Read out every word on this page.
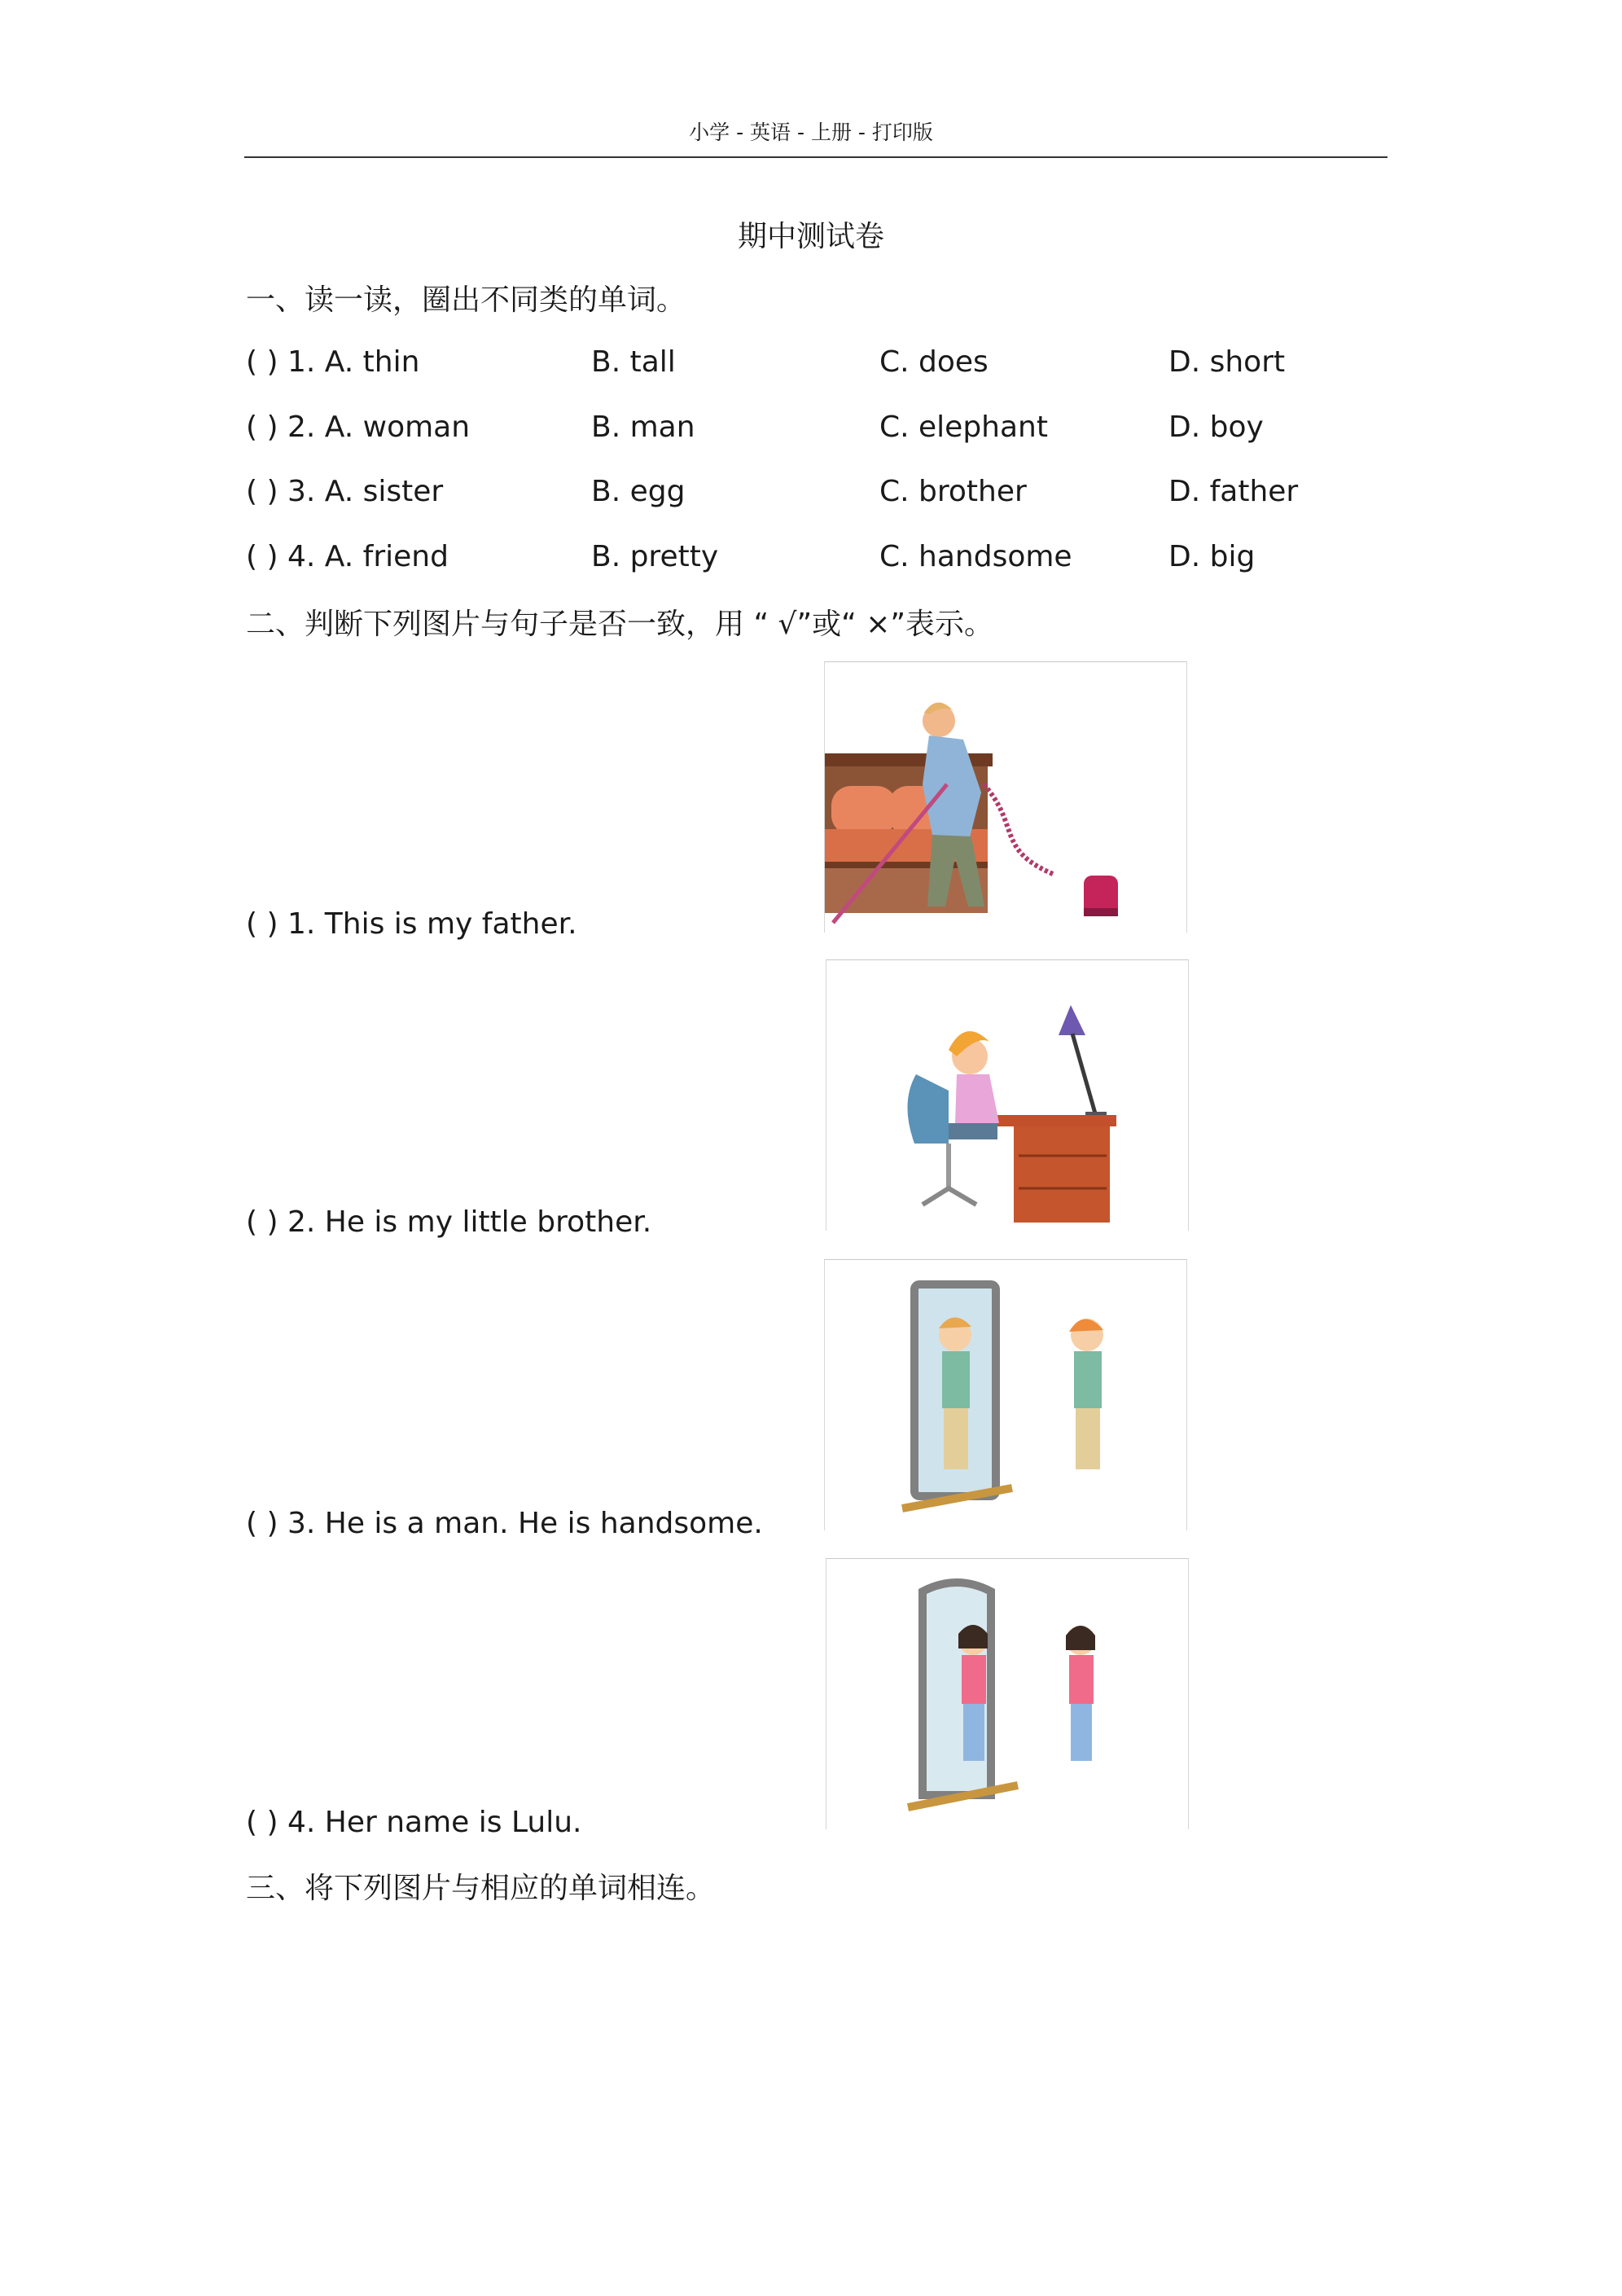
小学 - 英语 - 上册 - 打印版
期中测试卷
一、读一读，圈出不同类的单词。
( ) 1. A. thin	B. tall	C. does	D. short
( ) 2. A. woman	B. man	C. elephant	D. boy
( ) 3. A. sister	B. egg	C. brother	D. father
( ) 4. A. friend	B. pretty	C. handsome	D. big
二、判断下列图片与句子是否一致，用 “ √”或“ ×”表示。
( ) 1. This is my father.
( ) 2. He is my little brother.
( ) 3. He is a man. He is handsome.
( ) 4. Her name is Lulu.
三、将下列图片与相应的单词相连。
